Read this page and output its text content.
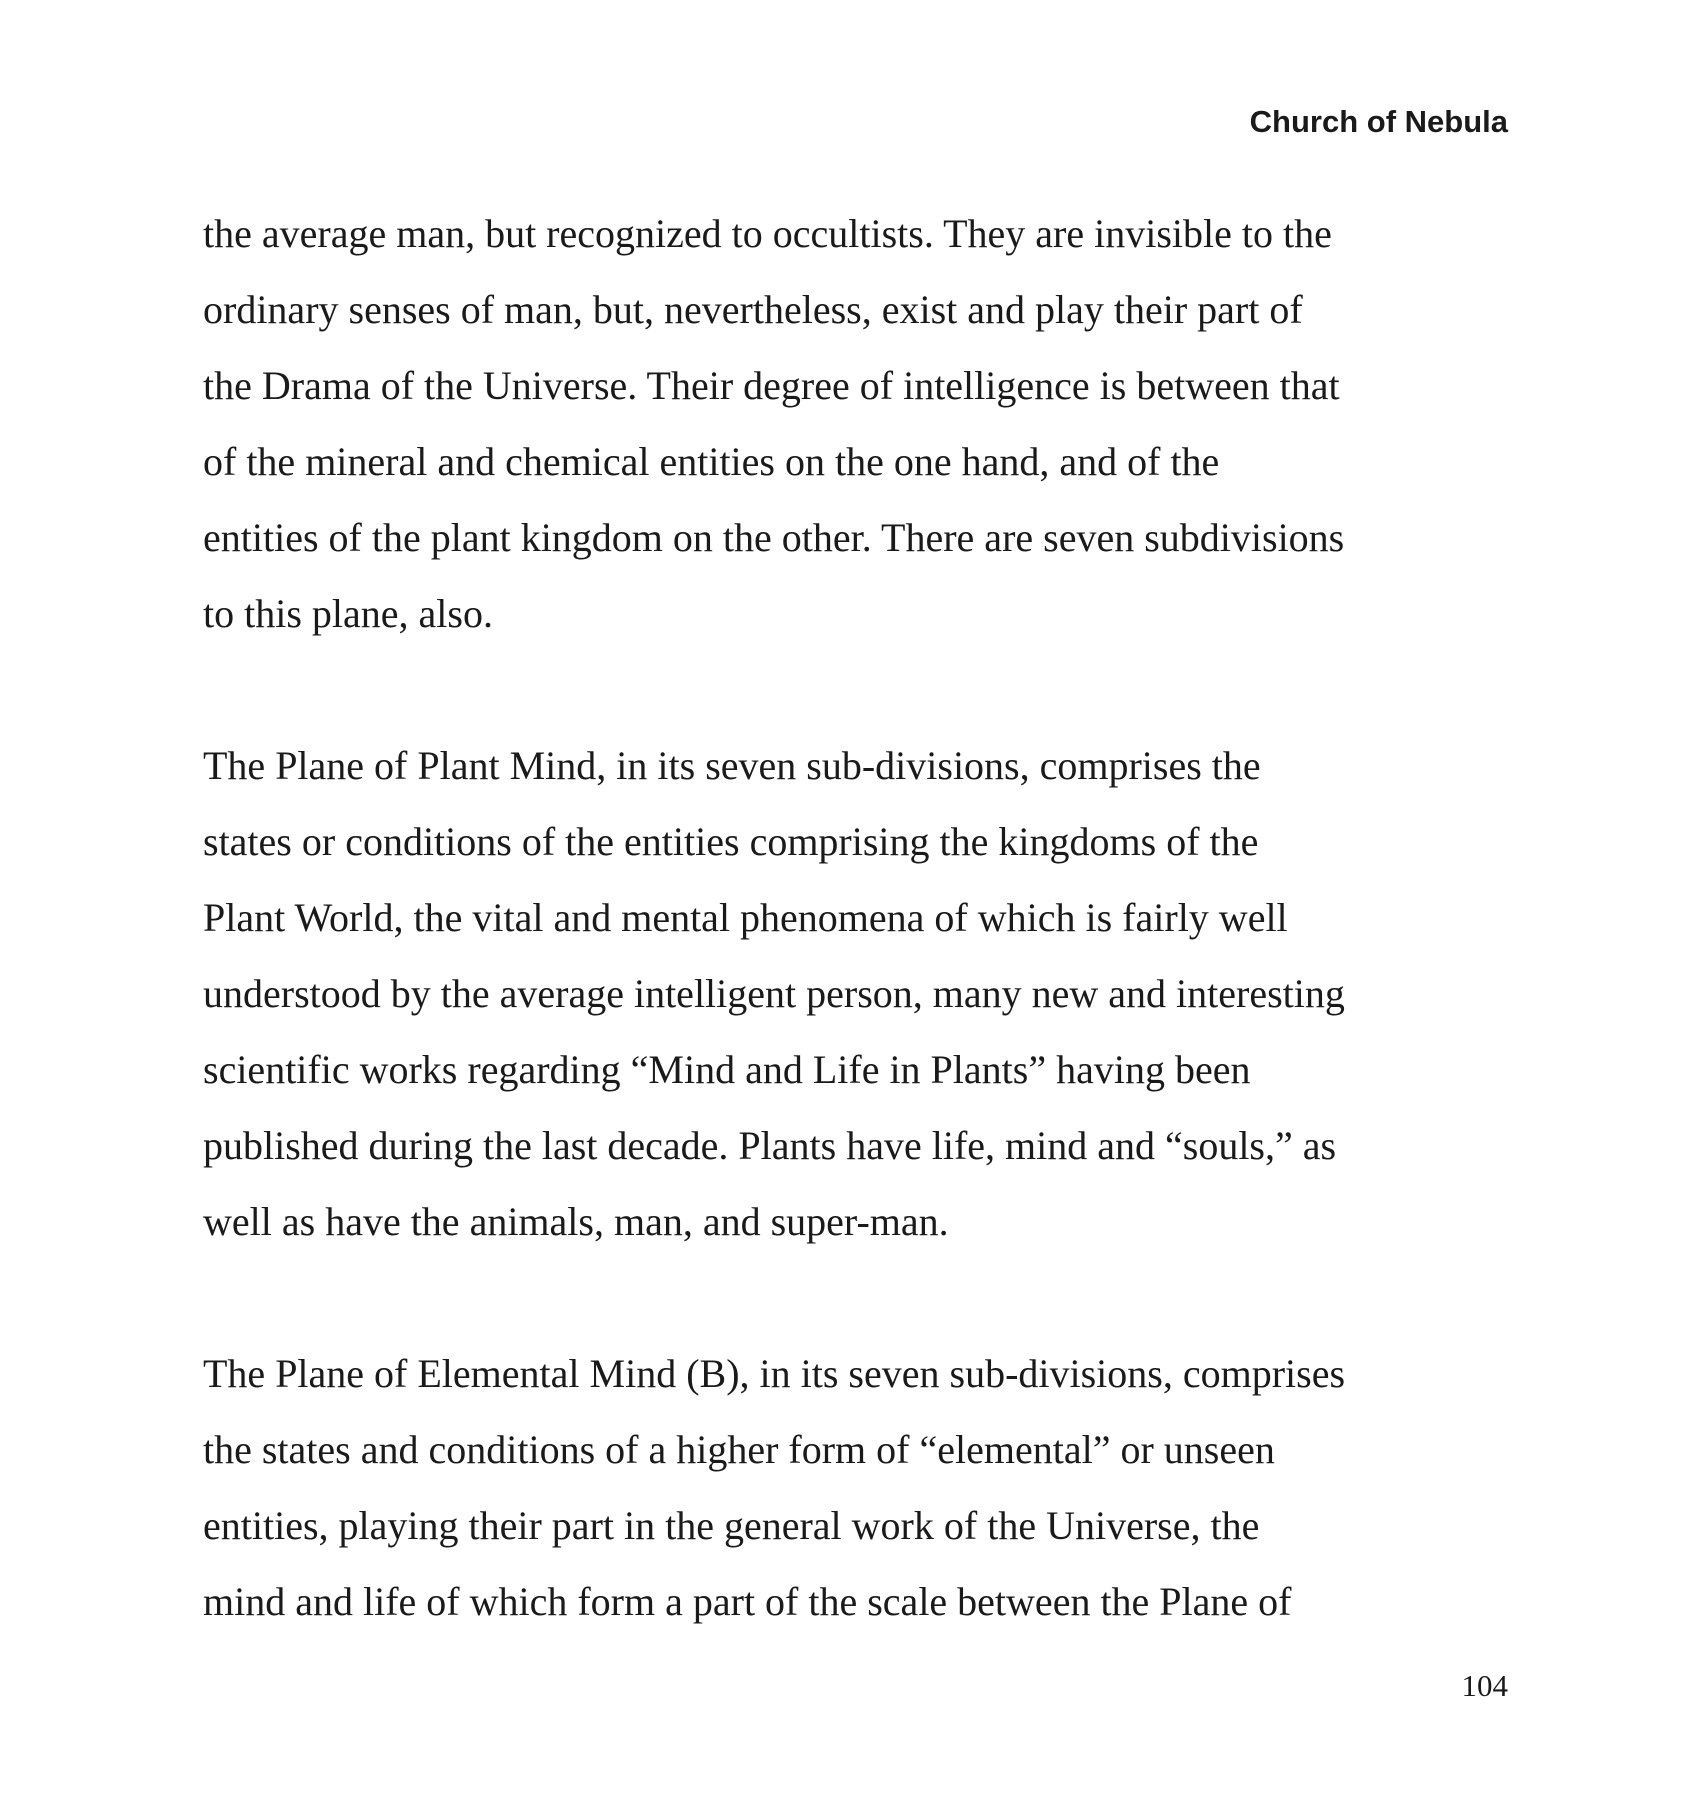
Church of Nebula

the average man, but recognized to occultists. They are invisible to the
ordinary senses of man, but, nevertheless, exist and play their part of
the Drama of the Universe. Their degree of intelligence is between that
of the mineral and chemical entities on the one hand, and of the
entities of the plant kingdom on the other. There are seven subdivisions
to this plane, also.

The Plane of Plant Mind, in its seven sub-divisions, comprises the
states or conditions of the entities comprising the kingdoms of the
Plant World, the vital and mental phenomena of which is fairly well
understood by the average intelligent person, many new and interesting
scientific works regarding “Mind and Life in Plants” having been
published during the last decade. Plants have life, mind and “souls,” as
well as have the animals, man, and super-man.

The Plane of Elemental Mind (B), in its seven sub-divisions, comprises
the states and conditions of a higher form of “elemental” or unseen
entities, playing their part in the general work of the Universe, the
mind and life of which form a part of the scale between the Plane of

104
